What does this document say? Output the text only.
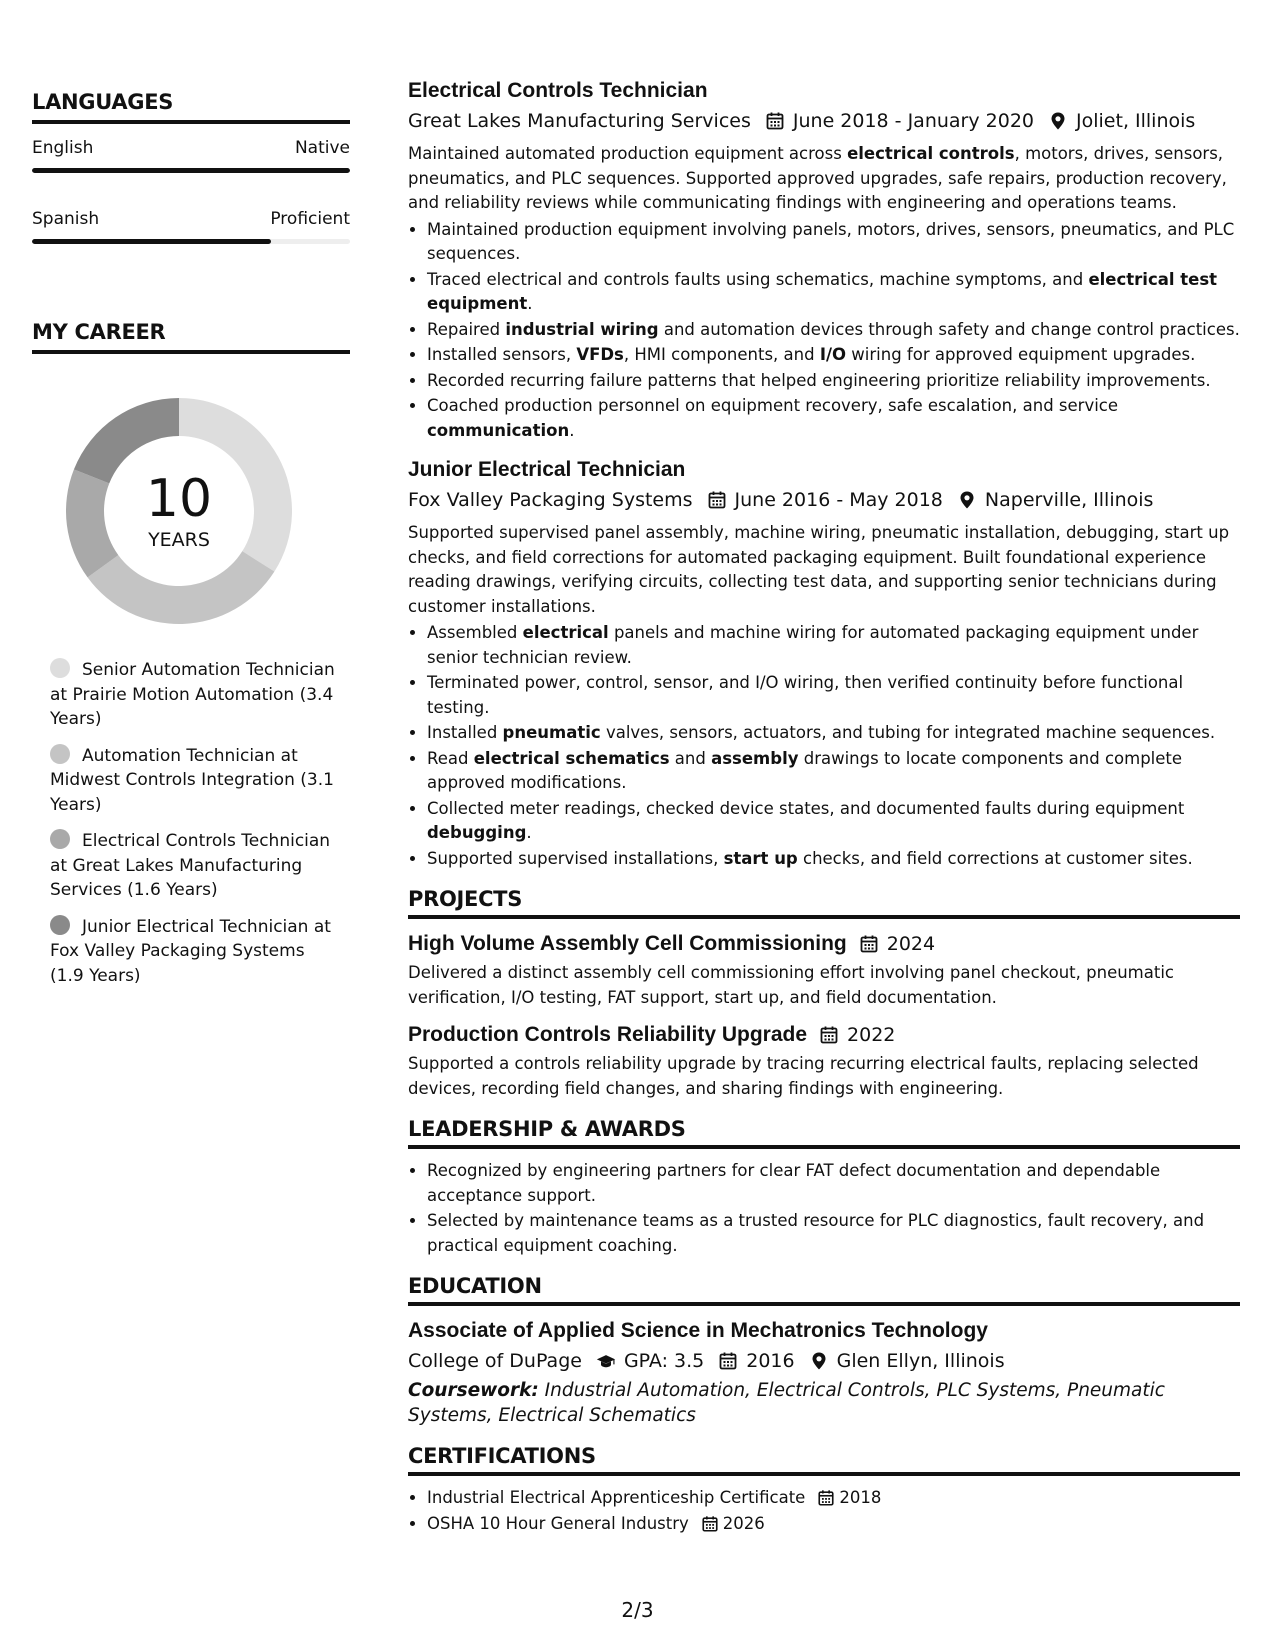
LANGUAGES
English	Native
Spanish	Proficient
MY CAREER
10
YEARS
Senior Automation Technician at Prairie Motion Automation (3.4 Years)
Automation Technician at Midwest Controls Integration (3.1 Years)
Electrical Controls Technician at Great Lakes Manufacturing Services (1.6 Years)
Junior Electrical Technician at Fox Valley Packaging Systems (1.9 Years)
Electrical Controls Technician
Great Lakes Manufacturing Services June 2018 - January 2020 Joliet, Illinois

Maintained automated production equipment across electrical controls, motors, drives, sensors, pneumatics, and PLC sequences. Supported approved upgrades, safe repairs, production recovery, and reliability reviews while communicating findings with engineering and operations teams.

• Maintained production equipment involving panels, motors, drives, sensors, pneumatics, and PLC sequences.
• Traced electrical and controls faults using schematics, machine symptoms, and electrical test equipment.
• Repaired industrial wiring and automation devices through safety and change control practices.
• Installed sensors, VFDs, HMI components, and I/O wiring for approved equipment upgrades.
• Recorded recurring failure patterns that helped engineering prioritize reliability improvements.
• Coached production personnel on equipment recovery, safe escalation, and service communication.
Junior Electrical Technician
Fox Valley Packaging Systems June 2016 - May 2018 Naperville, Illinois

Supported supervised panel assembly, machine wiring, pneumatic installation, debugging, start up checks, and field corrections for automated packaging equipment. Built foundational experience reading drawings, verifying circuits, collecting test data, and supporting senior technicians during customer installations.

• Assembled electrical panels and machine wiring for automated packaging equipment under senior technician review.
• Terminated power, control, sensor, and I/O wiring, then verified continuity before functional testing.
• Installed pneumatic valves, sensors, actuators, and tubing for integrated machine sequences.
• Read electrical schematics and assembly drawings to locate components and complete approved modifications.
• Collected meter readings, checked device states, and documented faults during equipment debugging.
• Supported supervised installations, start up checks, and field corrections at customer sites.
PROJECTS
High Volume Assembly Cell Commissioning 2024

Delivered a distinct assembly cell commissioning effort involving panel checkout, pneumatic verification, I/O testing, FAT support, start up, and field documentation.

Production Controls Reliability Upgrade 2022

Supported a controls reliability upgrade by tracing recurring electrical faults, replacing selected devices, recording field changes, and sharing findings with engineering.

LEADERSHIP & AWARDS
• Recognized by engineering partners for clear FAT defect documentation and dependable acceptance support.
• Selected by maintenance teams as a trusted resource for PLC diagnostics, fault recovery, and practical equipment coaching.
EDUCATION
Associate of Applied Science in Mechatronics Technology
College of DuPage GPA: 3.5 2016 Glen Ellyn, Illinois
Coursework: Industrial Automation, Electrical Controls, PLC Systems, Pneumatic Systems, Electrical Schematics
CERTIFICATIONS
• Industrial Electrical Apprenticeship Certificate 2018
• OSHA 10 Hour General Industry 2026
2/3
